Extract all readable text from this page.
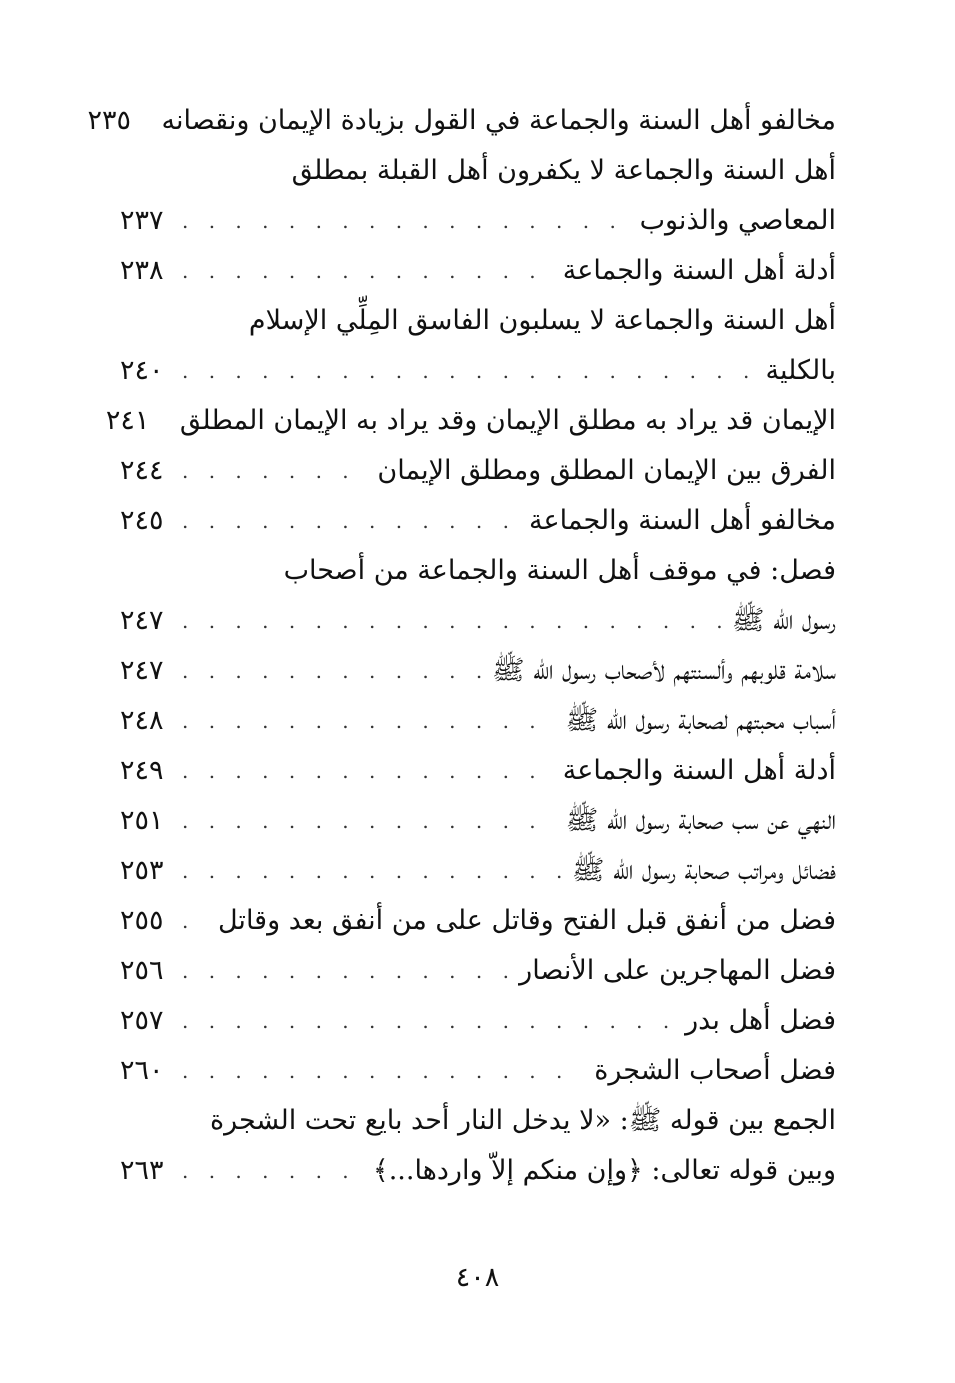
مخالفو أهل السنة والجماعة في القول بزيادة الإيمان ونقصانه
٢٣٥
أهل السنة والجماعة لا يكفرون أهل القبلة بمطلق
المعاصي والذنوب
. . .
٢٣٧
أدلة أهل السنة والجماعة
. . .
٢٣٨
أهل السنة والجماعة لا يسلبون الفاسق المِلِّي الإسلام
بالكلية
. . .
٢٤٠
الإيمان قد يراد به مطلق الإيمان وقد يراد به الإيمان المطلق
٢٤١
الفرق بين الإيمان المطلق ومطلق الإيمان
. . .
٢٤٤
مخالفو أهل السنة والجماعة
. . .
٢٤٥
فصل: في موقف أهل السنة والجماعة من أصحاب
رسول الله ﷺ
. . .
٢٤٧
سلامة قلوبهم وألسنتهم لأصحاب رسول الله ﷺ
. . .
٢٤٧
أسباب محبتهم لصحابة رسول الله ﷺ
. . .
٢٤٨
أدلة أهل السنة والجماعة
. . .
٢٤٩
النهي عن سب صحابة رسول الله ﷺ
. . .
٢٥١
فضائل ومراتب صحابة رسول الله ﷺ
. . .
٢٥٣
فضل من أنفق قبل الفتح وقاتل على من أنفق بعد وقاتل
. . .
٢٥٥
فضل المهاجرين على الأنصار
. . .
٢٥٦
فضل أهل بدر
. . .
٢٥٧
فضل أصحاب الشجرة
. . .
٢٦٠
الجمع بين قوله ﷺ: «لا يدخل النار أحد بايع تحت الشجرة
وبين قوله تعالى: ﴿وإن منكم إلاّ واردها...﴾
. . .
٢٦٣
٤٠٨
